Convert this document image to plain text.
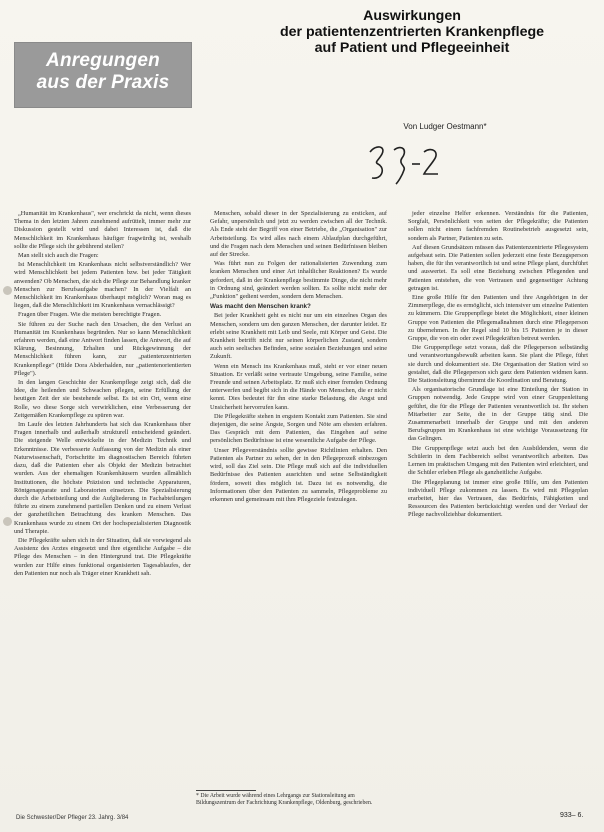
Anregungen
aus der Praxis
Auswirkungen
der patientenzentrierten Krankenpflege
auf Patient und Pflegeeinheit
Von Ludger Oestmann*

„Humanität im Krankenhaus", wer erschrickt da nicht, wenn dieses Thema in den letzten Jahren zunehmend aufrüttelt, immer mehr zur Diskussion gestellt wird und dabei Interessen ist, daß die Menschlichkeit im Krankenhaus häufiger fragwürdig ist, weshalb sollte die Pflege sich ihr gebührend stellen?

Man stellt sich auch die Fragen:

Ist Menschlichkeit im Krankenhaus nicht selbstverständlich? Wer wird Menschlichkeit bei jedem Patienten bzw. bei jeder Tätigkeit anwenden? Ob Menschen, die sich die Pflege zur Behandlung kranker Menschen zur Berufsaufgabe machen? In der Vielfalt an Menschlichkeit im Krankenhaus überhaupt möglich? Woran mag es liegen, daß die Menschlichkeit im Krankenhaus vernachlässigt?

Fragen über Fragen. Wie die meisten berechtigte Fragen.

Sie führen zu der Suche nach den Ursachen, die den Verlust an Humanität im Krankenhaus begründen. Nur so kann Menschlichkeit erfahren werden, daß eine Antwort finden lassen, die Antwort, die auf Klärung, Besinnung, Erhalten und Rückgewinnung der Menschlichkeit führen kann, zur „patientenzentrierten Krankenpflege" (Hilde Dora Abderhalden, nur „patientenorientierten Pflege").

In den langen Geschichte der Krankenpflege zeigt sich, daß die Idee, die heilenden und Schwachen pflegen, seine Erfüllung der heutigen Zeit der sie bestehende selbst. Es ist ein Ort, wenn eine Rolle, wo diese Sorge sich verwirklichen, eine Verbesserung der Zeitgemäßen Krankenpflege zu spüren war.

Im Laufe des letzten Jahrhunderts hat sich das Krankenhaus über Fragen innerhalb und außerhalb strukturell entscheidend geändert. Die steigende Welle entwickelte in der Medizin Technik und Erkenntnisse. Die verbesserte Auffassung von der Medizin als einer Naturwissenschaft, Fortschritte im diagnostischen Bereich führten dazu, daß die Patienten eher als Objekt der Medizin betrachtet wurden. Aus der ehemaligen Krankenhäusern wurden allmählich Institutionen, die höchste Präzision und technische Apparaturen, Röntgenapparate und Laboratorien einsetzen. Die Spezialisierung durch die Arbeitsteilung und die Aufgliederung in Fachabteilungen führte zu einem zunehmend partiellen Denken und zu einem Verlust der ganzheitlichen Betrachtung des kranken Menschen. Das Krankenhaus wurde zu einem Ort der hochspezialisierten Diagnostik und Therapie.

Die Pflegekräfte sahen sich in der Situation, daß sie vorwiegend als Assistenz des Arztes eingesetzt und ihre eigentliche Aufgabe – die Pflege des Menschen – in den Hintergrund trat. Die Pflegekräfte wurden zur Hilfe eines funktional organisierten Tagesablaufes, der den Patienten nur noch als Träger einer Krankheit sah.

Menschen, sobald dieser in der Spezialisierung zu ersticken, auf Gefahr, unpersönlich und jetzt zu werden zwischen all der Technik. Als Ende steht der Begriff von einer Betriebe, die „Organisation" zur Arbeitsteilung. Es wird alles nach einem Ablaufplan durchgeführt, und die Fragen nach dem Menschen und seinen Bedürfnissen bleiben auf der Strecke.

Was führt nun zu Folgen der rationalisierten Zuwendung zum kranken Menschen und einer Art inhaltlicher Reaktionen? Es wurde gefordert, daß in der Krankenpflege bestimmte Dinge, die nicht mehr in Ordnung sind, geändert werden sollten. Es sollte nicht mehr der „Funktion" gedient werden, sondern dem Menschen.

Was macht den Menschen krank?

Bei jeder Krankheit geht es nicht nur um ein einzelnes Organ des Menschen, sondern um den ganzen Menschen, der darunter leidet. Er erlebt seine Krankheit mit Leib und Seele, mit Körper und Geist. Die Krankheit betrifft nicht nur seinen körperlichen Zustand, sondern auch sein seelisches Befinden, seine sozialen Beziehungen und seine Zukunft.

Wenn ein Mensch ins Krankenhaus muß, steht er vor einer neuen Situation. Er verläßt seine vertraute Umgebung, seine Familie, seine Freunde und seinen Arbeitsplatz. Er muß sich einer fremden Ordnung unterwerfen und begibt sich in die Hände von Menschen, die er nicht kennt. Dies bedeutet für ihn eine starke Belastung, die Angst und Unsicherheit hervorrufen kann.

Die Pflegekräfte stehen in engstem Kontakt zum Patienten. Sie sind diejenigen, die seine Ängste, Sorgen und Nöte am ehesten erfahren. Das Gespräch mit dem Patienten, das Eingehen auf seine persönlichen Bedürfnisse ist eine wesentliche Aufgabe der Pflege.

Unser Pflegeverständnis sollte gewisse Richtlinien erhalten. Den Patienten als Partner zu sehen, der in den Pflegeprozeß einbezogen wird, soll das Ziel sein. Die Pflege muß sich auf die individuellen Bedürfnisse des Patienten ausrichten und seine Selbständigkeit fördern, soweit dies möglich ist. Dazu ist es notwendig, die Informationen über den Patienten zu sammeln, Pflegeprobleme zu erkennen und gemeinsam mit ihm Pflegeziele festzulegen.

jeder einzelne Helfer erkennen. Verständnis für die Patienten, Sorgfalt, Persönlichkeit von seiten der Pflegekräfte; die Patienten sollen nicht einem fachfremden Routinebetrieb ausgesetzt sein, sondern als Partner, Patienten zu sein.

Auf diesen Grundsätzen müssen das Patientenzentrierte Pflegesystem aufgebaut sein. Die Patienten sollen jederzeit eine feste Bezugsperson haben, die für ihn verantwortlich ist und seine Pflege plant, durchführt und auswertet. Es soll eine Beziehung zwischen Pflegenden und Patienten entstehen, die von Vertrauen und gegenseitiger Achtung getragen ist.

Eine große Hilfe für den Patienten und ihre Angehörigen in der Zimmerpflege, die es ermöglicht, sich intensiver um einzelne Patienten zu kümmern. Die Gruppenpflege bietet die Möglichkeit, einer kleinen Gruppe von Patienten die Pflegemaßnahmen durch eine Pflegeperson zu übernehmen. In der Regel sind 10 bis 15 Patienten je in dieser Gruppe, die von ein oder zwei Pflegekräften betreut werden.

Die Gruppenpflege setzt voraus, daß die Pflegeperson selbständig und verantwortungsbewußt arbeiten kann. Sie plant die Pflege, führt sie durch und dokumentiert sie. Die Organisation der Station wird so gestaltet, daß die Pflegeperson sich ganz dem Patienten widmen kann. Die Stationsleitung übernimmt die Koordination und Beratung.

Als organisatorische Grundlage ist eine Einteilung der Station in Gruppen notwendig. Jede Gruppe wird von einer Gruppenleitung geführt, die für die Pflege der Patienten verantwortlich ist. Ihr stehen Mitarbeiter zur Seite, die in der Gruppe tätig sind. Die Zusammenarbeit innerhalb der Gruppe und mit den anderen Berufsgruppen im Krankenhaus ist eine wichtige Voraussetzung für das Gelingen.

Die Gruppenpflege setzt auch bei den Ausbildenden, wenn die Schülerin in dem Fachbereich selbst verantwortlich arbeiten. Das Lernen im praktischen Umgang mit den Patienten wird erleichtert, und die Schüler erleben Pflege als ganzheitliche Aufgabe.

Die Pflegeplanung ist immer eine große Hilfe, um den Patienten individuell Pflege zukommen zu lassen. Es wird mit Pflegeplan erarbeitet, hier das Vertrauen, das Bedürfnis, Fähigkeiten und Ressourcen des Patienten berücksichtigt werden und der Verlauf der Pflege nachvollziehbar dokumentiert.

* Die Arbeit wurde während eines Lehrgangs zur Stationsleitung am Bildungszentrum der Fachrichtung Krankenpflege, Oldenburg, geschrieben.
Die Schwester/Der Pfleger 23. Jahrg. 3/84	933– 6.
